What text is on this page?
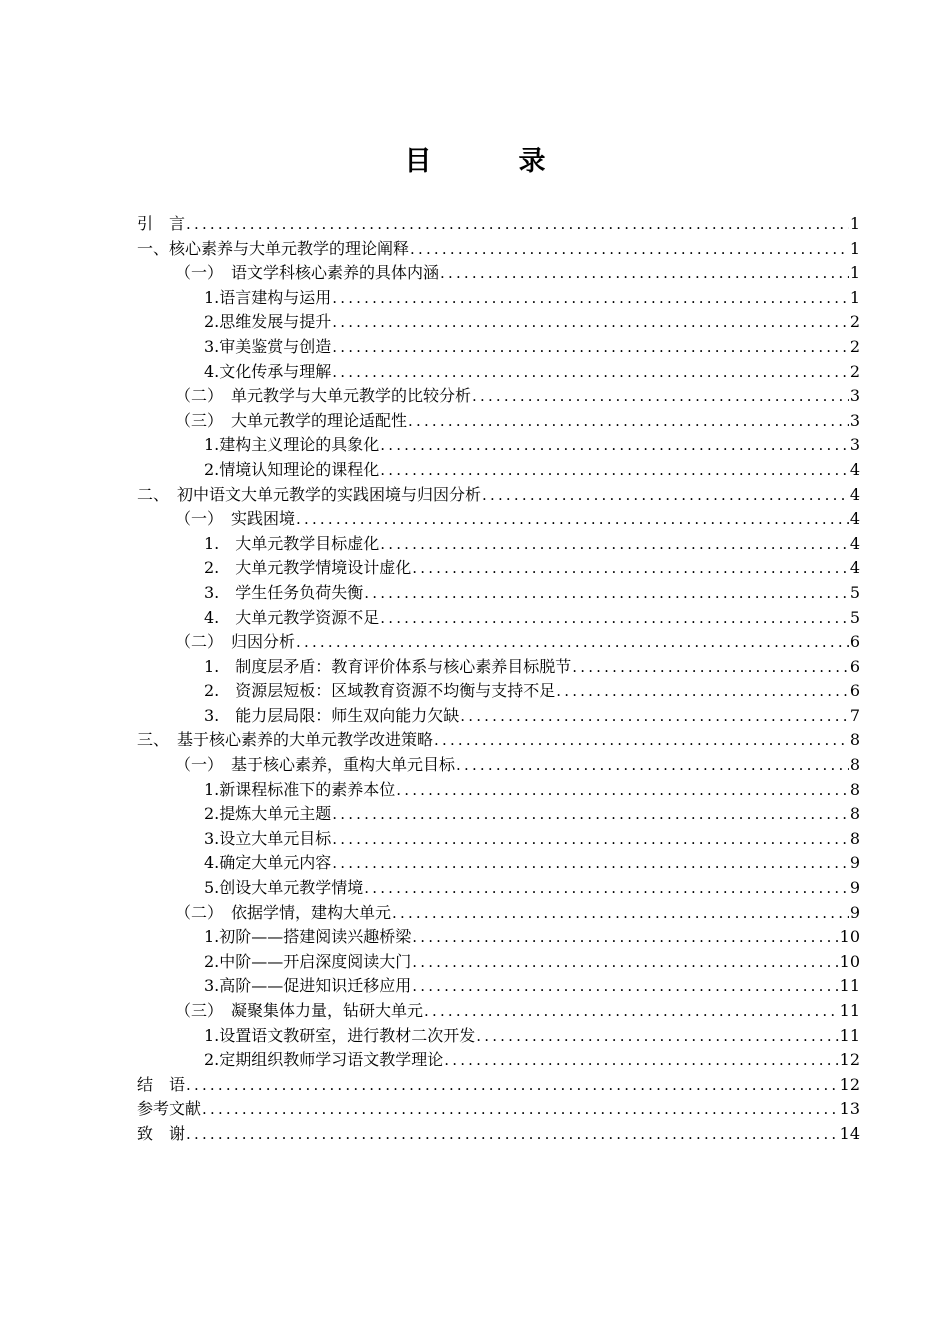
目　录
引　言 .....	1
一、核心素养与大单元教学的理论阐释 .....	1
（一）　语文学科核心素养的具体内涵 .....	1
1.语言建构与运用 .....	1
2.思维发展与提升 .....	2
3.审美鉴赏与创造 .....	2
4.文化传承与理解 .....	2
（二）　单元教学与大单元教学的比较分析 .....	3
（三）　大单元教学的理论适配性 .....	3
1.建构主义理论的具象化 .....	3
2.情境认知理论的课程化 .....	4
二、　初中语文大单元教学的实践困境与归因分析 .....	4
（一）　实践困境 .....	4
1.　大单元教学目标虚化 .....	4
2.　大单元教学情境设计虚化 .....	4
3.　学生任务负荷失衡 .....	5
4.　大单元教学资源不足 .....	5
（二）　归因分析 .....	6
1.　制度层矛盾：教育评价体系与核心素养目标脱节 .....	6
2.　资源层短板：区域教育资源不均衡与支持不足 .....	6
3.　能力层局限：师生双向能力欠缺 .....	7
三、　基于核心素养的大单元教学改进策略 .....	8
（一）　基于核心素养，重构大单元目标 .....	8
1.新课程标准下的素养本位 .....	8
2.提炼大单元主题 .....	8
3.设立大单元目标 .....	8
4.确定大单元内容 .....	9
5.创设大单元教学情境 .....	9
（二）　依据学情，建构大单元 .....	9
1.初阶——搭建阅读兴趣桥梁 .....	10
2.中阶——开启深度阅读大门 .....	10
3.高阶——促进知识迁移应用 .....	11
（三）　凝聚集体力量，钻研大单元 .....	11
1.设置语文教研室，进行教材二次开发 .....	11
2.定期组织教师学习语文教学理论 .....	12
结　语 .....	12
参考文献 .....	13
致　谢 .....	14
